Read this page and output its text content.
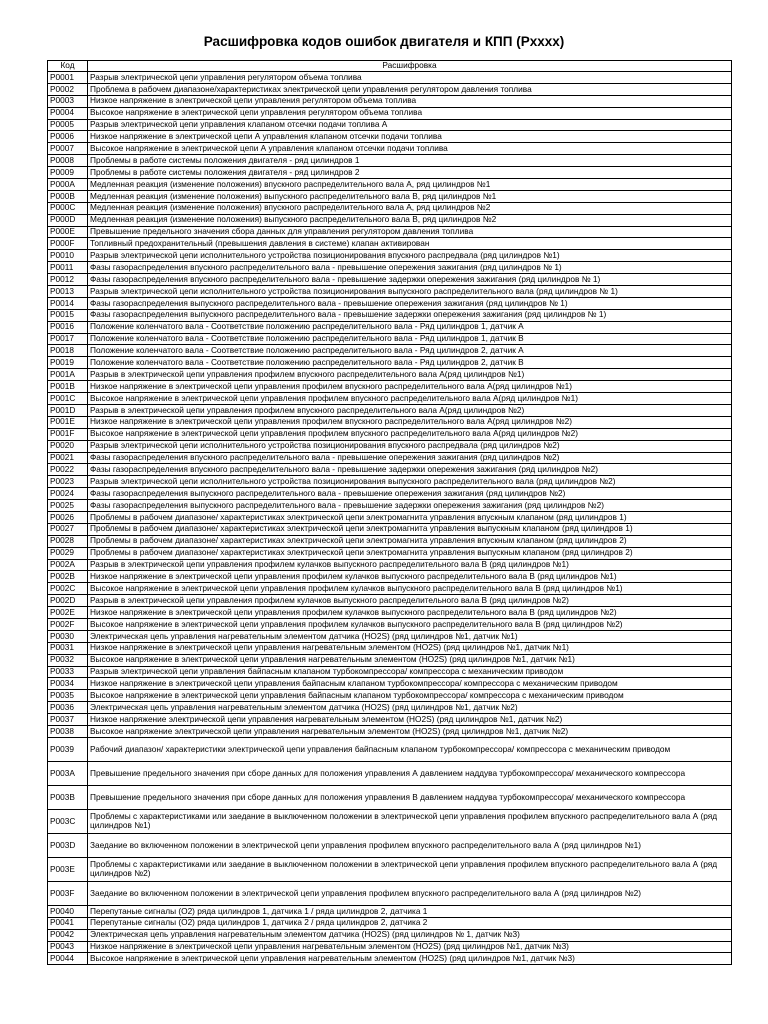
Расшифровка кодов ошибок двигателя и КПП (Pxxxx)
Код	Расшифровка
P0001	Разрыв электрической цепи управления регулятором объема топлива
P0002	Проблема в рабочем диапазоне/характеристиках электрической цепи управления регулятором давления топлива
P0003	Низкое напряжение в электрической цепи управления регулятором объема топлива
P0004	Высокое напряжение в электрической цепи управления регулятором объема топлива
P0005	Разрыв электрической цепи управления клапаном отсечки подачи топлива А
P0006	Низкое напряжение в электрической цепи А управления клапаном отсечки подачи топлива
P0007	Высокое напряжение в электрической цепи А управления клапаном отсечки подачи топлива
P0008	Проблемы в работе системы положения двигателя - ряд цилиндров 1
P0009	Проблемы в работе системы положения двигателя - ряд цилиндров 2
P000A	Медленная реакция (изменение положения) впускного распределительного вала А, ряд цилиндров №1
P000B	Медленная реакция (изменение положения) выпускного распределительного вала В, ряд цилиндров №1
P000C	Медленная реакция (изменение положения) впускного распределительного вала А, ряд цилиндров №2
P000D	Медленная реакция (изменение положения) выпускного распределительного вала В, ряд цилиндров №2
P000E	Превышение предельного значения сбора данных для управления регулятором давления топлива
P000F	Топливный предохранительный (превышения давления в системе) клапан активирован
P0010	Разрыв электрической цепи исполнительного устройства позиционирования впускного распредвала (ряд цилиндров №1)
P0011	Фазы газораспределения впускного распределительного вала - превышение опережения зажигания (ряд цилиндров № 1)
P0012	Фазы газораспределения впускного распределительного вала - превышение задержки опережения зажигания (ряд цилиндров № 1)
P0013	Разрыв электрической цепи исполнительного устройства позиционирования выпускного распределительного вала (ряд цилиндров № 1)
P0014	Фазы газораспределения выпускного распределительного вала - превышение опережения зажигания (ряд цилиндров № 1)
P0015	Фазы газораспределения выпускного распределительного вала - превышение задержки опережения зажигания (ряд цилиндров № 1)
P0016	Положение коленчатого вала - Соответствие положению распределительного вала - Ряд цилиндров 1, датчик А
P0017	Положение коленчатого вала - Соответствие положению распределительного вала - Ряд цилиндров 1, датчик В
P0018	Положение коленчатого вала - Соответствие положению распределительного вала - Ряд цилиндров 2, датчик А
P0019	Положение коленчатого вала - Соответствие положению распределительного вала - Ряд цилиндров 2, датчик В
P001A	Разрыв в электрической цепи управления профилем впускного распределительного вала А(ряд цилиндров №1)
P001B	Низкое напряжение в электрической цепи управления профилем впускного распределительного вала А(ряд цилиндров №1)
P001C	Высокое напряжение в электрической цепи управления профилем впускного распределительного вала А(ряд цилиндров №1)
P001D	Разрыв в электрической цепи управления профилем впускного распределительного вала А(ряд цилиндров №2)
P001E	Низкое напряжение в электрической цепи управления профилем впускного распределительного вала А(ряд цилиндров №2)
P001F	Высокое напряжение в электрической цепи управления профилем впускного распределительного вала А(ряд цилиндров №2)
P0020	Разрыв электрической цепи исполнительного устройства позиционирования впускного распредвала (ряд цилиндров №2)
P0021	Фазы газораспределения впускного распределительного вала - превышение опережения зажигания (ряд цилиндров №2)
P0022	Фазы газораспределения впускного распределительного вала - превышение задержки опережения зажигания (ряд цилиндров №2)
P0023	Разрыв электрической цепи исполнительного устройства позиционирования выпускного распределительного вала (ряд цилиндров №2)
P0024	Фазы газораспределения выпускного распределительного вала - превышение опережения зажигания (ряд цилиндров №2)
P0025	Фазы газораспределения выпускного распределительного вала - превышение задержки опережения зажигания (ряд цилиндров №2)
P0026	Проблемы в рабочем диапазоне/ характеристиках электрической цепи электромагнита управления впускным клапаном (ряд цилиндров 1)
P0027	Проблемы в рабочем диапазоне/ характеристиках электрической цепи электромагнита управления выпускным клапаном (ряд цилиндров 1)
P0028	Проблемы в рабочем диапазоне/ характеристиках электрической цепи электромагнита управления впускным клапаном (ряд цилиндров 2)
P0029	Проблемы в рабочем диапазоне/ характеристиках электрической цепи электромагнита управления выпускным клапаном (ряд цилиндров 2)
P002A	Разрыв в электрической цепи управления профилем кулачков выпускного распределительного вала В (ряд цилиндров №1)
P002B	Низкое напряжение в электрической цепи управления профилем кулачков выпускного распределительного вала В (ряд цилиндров №1)
P002C	Высокое напряжение в электрической цепи управления профилем кулачков выпускного распределительного вала В (ряд цилиндров №1)
P002D	Разрыв в электрической цепи управления профилем кулачков выпускного распределительного вала В (ряд цилиндров №2)
P002E	Низкое напряжение в электрической цепи управления профилем кулачков выпускного распределительного вала В (ряд цилиндров №2)
P002F	Высокое напряжение в электрической цепи управления профилем кулачков выпускного распределительного вала В (ряд цилиндров №2)
P0030	Электрическая цепь управления нагревательным элементом датчика (HO2S) (ряд цилиндров №1, датчик №1)
P0031	Низкое напряжение в электрической цепи управления нагревательным элементом (HO2S) (ряд цилиндров №1, датчик №1)
P0032	Высокое напряжение в электрической цепи управления нагревательным элементом (HO2S) (ряд цилиндров №1, датчик №1)
P0033	Разрыв электрической цепи управления байпасным клапаном турбокомпрессора/ компрессора с механическим приводом
P0034	Низкое напряжение в электрической цепи управления байпасным клапаном турбокомпрессора/ компрессора с механическим приводом
P0035	Высокое напряжение в электрической цепи управления байпасным клапаном турбокомпрессора/ компрессора с механическим приводом
P0036	Электрическая цепь управления нагревательным элементом датчика (HO2S) (ряд цилиндров №1, датчик №2)
P0037	Низкое напряжение электрической цепи управления нагревательным элементом (HO2S) (ряд цилиндров №1, датчик №2)
P0038	Высокое напряжение электрической цепи управления нагревательным элементом (HO2S) (ряд цилиндров №1, датчик №2)
P0039	Рабочий диапазон/ характеристики электрической цепи управления байпасным клапаном турбокомпрессора/ компрессора с механическим приводом
P003A	Превышение предельного значения при сборе данных для положения управления А давлением наддува турбокомпрессора/ механического компрессора
P003B	Превышение предельного значения при сборе данных для положения управления В давлением наддува турбокомпрессора/ механического компрессора
P003C	Проблемы с характеристиками или заедание в выключенном положении в электрической цепи управления профилем впускного распределительного вала А (ряд цилиндров №1)
P003D	Заедание во включенном положении в электрической цепи управления профилем впускного распределительного вала А (ряд цилиндров №1)
P003E	Проблемы с характеристиками или заедание в выключенном положении в электрической цепи управления профилем впускного распределительного вала А (ряд цилиндров №2)
P003F	Заедание во включенном положении в электрической цепи управления профилем впускного распределительного вала А (ряд цилиндров №2)
P0040	Перепутаные сигналы (O2) ряда цилиндров 1, датчика 1 / ряда цилиндров 2, датчика 1
P0041	Перепутаные сигналы (O2) ряда цилиндров 1, датчика 2 / ряда цилиндров 2, датчика 2
P0042	Электрическая цепь управления нагревательным элементом датчика (HO2S) (ряд цилиндров № 1, датчик №3)
P0043	Низкое напряжение в электрической цепи управления нагревательным элементом (HO2S) (ряд цилиндров №1, датчик №3)
P0044	Высокое напряжение в электрической цепи управления нагревательным элементом (HO2S) (ряд цилиндров №1, датчик №3)
